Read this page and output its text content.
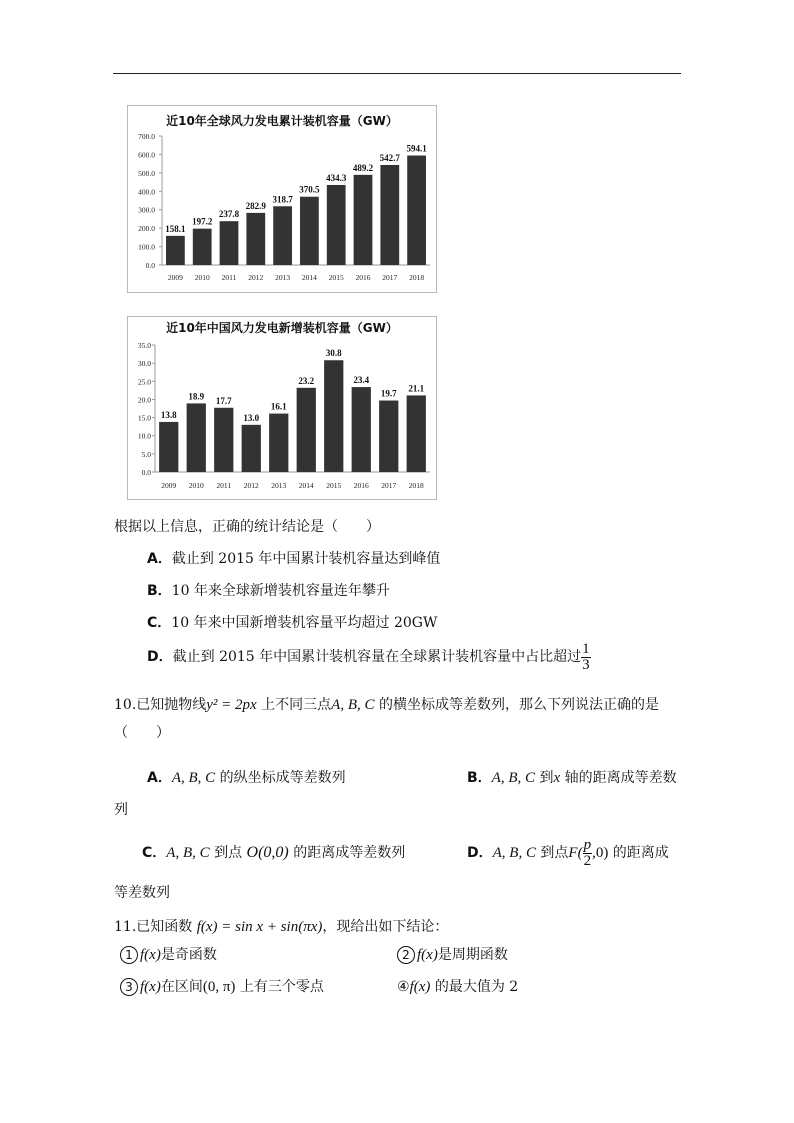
近10年全球风力发电累计装机容量（GW）
0.0
100.0
200.0
300.0
400.0
500.0
600.0
700.0
158.1
2009
197.2
2010
237.8
2011
282.9
2012
318.7
2013
370.5
2014
434.3
2015
489.2
2016
542.7
2017
594.1
2018
近10年中国风力发电新增装机容量（GW）
0.0
5.0
10.0
15.0
20.0
25.0
30.0
35.0
13.8
2009
18.9
2010
17.7
2011
13.0
2012
16.1
2013
23.2
2014
30.8
2015
23.4
2016
19.7
2017
21.1
2018
根据以上信息，正确的统计结论是（　　）
A．截止到 2015 年中国累计装机容量达到峰值
B．10 年来全球新增装机容量连年攀升
C．10 年来中国新增装机容量平均超过 20GW
D．截止到 2015 年中国累计装机容量在全球累计装机容量中占比超过 $\frac{1}{3}$
10.已知抛物线y² = 2px 上不同三点A, B, C 的横坐标成等差数列，那么下列说法正确的是
（　　）
A．A, B, C 的纵坐标成等差数列	B．A, B, C 到x 轴的距离成等差数
列
C．A, B, C 到点 O(0,0) 的距离成等差数列	D．A, B, C 到点$F( \frac{p}{2} ,0)$ 的距离成
等差数列
11.已知函数 f(x) = sin x + sin(πx)，现给出如下结论：
1 f(x)是奇函数	2 f(x)是周期函数
3 f(x)在区间(0, π) 上有三个零点	④f(x) 的最大值为 2
